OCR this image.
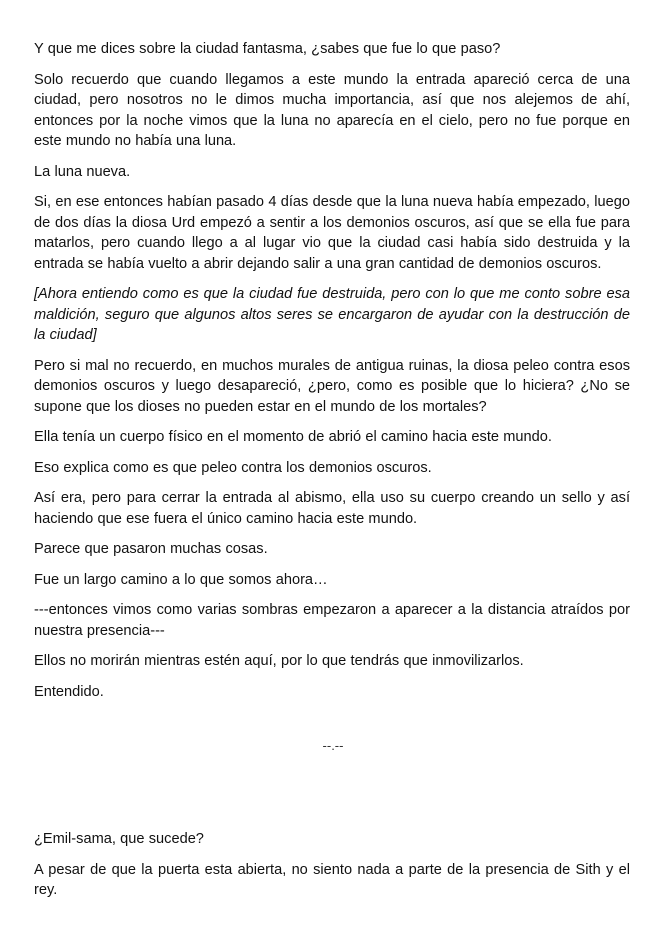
Y que me dices sobre la ciudad fantasma, ¿sabes que fue lo que paso?

Solo recuerdo que cuando llegamos a este mundo la entrada apareció cerca de una ciudad, pero nosotros no le dimos mucha importancia, así que nos alejemos de ahí, entonces por la noche vimos que la luna no aparecía en el cielo, pero no fue porque en este mundo no había una luna.

La luna nueva.

Si, en ese entonces habían pasado 4 días desde que la luna nueva había empezado, luego de dos días la diosa Urd empezó a sentir a los demonios oscuros, así que se ella fue para matarlos, pero cuando llego a al lugar vio que la ciudad casi había sido destruida y la entrada se había vuelto a abrir dejando salir a una gran cantidad de demonios oscuros.

[Ahora entiendo como es que la ciudad fue destruida, pero con lo que me conto sobre esa maldición, seguro que algunos altos seres se encargaron de ayudar con la destrucción de la ciudad]

Pero si mal no recuerdo, en muchos murales de antigua ruinas, la diosa peleo contra esos demonios oscuros y luego desapareció, ¿pero, como es posible que lo hiciera? ¿No se supone que los dioses no pueden estar en el mundo de los mortales?

Ella tenía un cuerpo físico en el momento de abrió el camino hacia este mundo.

Eso explica como es que peleo contra los demonios oscuros.

Así era, pero para cerrar la entrada al abismo, ella uso su cuerpo creando un sello y así haciendo que ese fuera el único camino hacia este mundo.

Parece que pasaron muchas cosas.

Fue un largo camino a lo que somos ahora…

---entonces vimos como varias sombras empezaron a aparecer a la distancia atraídos por nuestra presencia---

Ellos no morirán mientras estén aquí, por lo que tendrás que inmovilizarlos.

Entendido.

--.--

¿Emil-sama, que sucede?

A pesar de que la puerta esta abierta, no siento nada a parte de la presencia de Sith y el rey.
